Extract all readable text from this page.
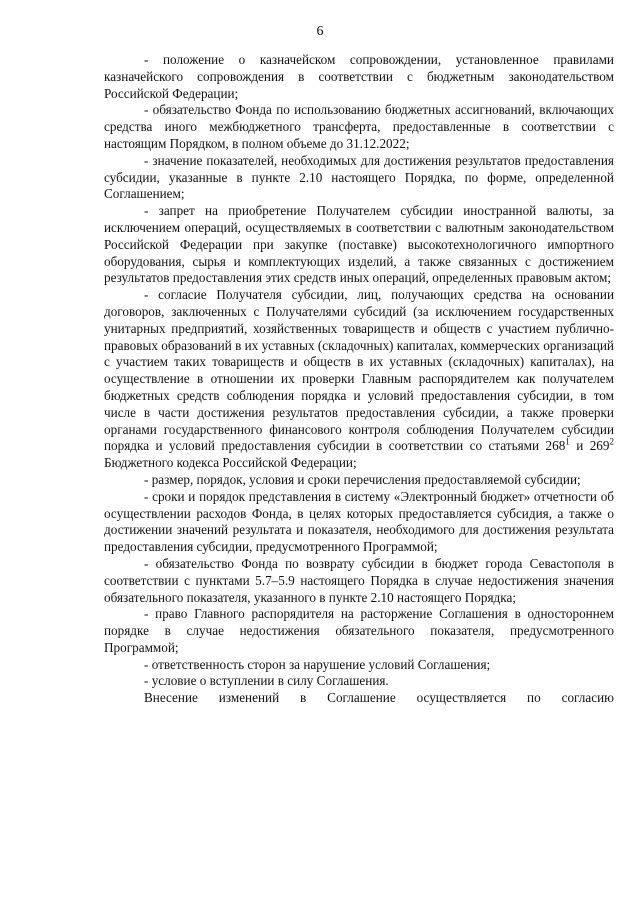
6

- положение о казначейском сопровождении, установленное правилами казначейского сопровождения в соответствии с бюджетным законодательством Российской Федерации;

- обязательство Фонда по использованию бюджетных ассигнований, включающих средства иного межбюджетного трансферта, предоставленные в соответствии с настоящим Порядком, в полном объеме до 31.12.2022;

- значение показателей, необходимых для достижения результатов предоставления субсидии, указанные в пункте 2.10 настоящего Порядка, по форме, определенной Соглашением;

- запрет на приобретение Получателем субсидии иностранной валюты, за исключением операций, осуществляемых в соответствии с валютным законодательством Российской Федерации при закупке (поставке) высокотехнологичного импортного оборудования, сырья и комплектующих изделий, а также связанных с достижением результатов предоставления этих средств иных операций, определенных правовым актом;

- согласие Получателя субсидии, лиц, получающих средства на основании договоров, заключенных с Получателями субсидий (за исключением государственных унитарных предприятий, хозяйственных товариществ и обществ с участием публично-правовых образований в их уставных (складочных) капиталах, коммерческих организаций с участием таких товариществ и обществ в их уставных (складочных) капиталах), на осуществление в отношении их проверки Главным распорядителем как получателем бюджетных средств соблюдения порядка и условий предоставления субсидии, в том числе в части достижения результатов предоставления субсидии, а также проверки органами государственного финансового контроля соблюдения Получателем субсидии порядка и условий предоставления субсидии в соответствии со статьями $268^1$ и $269^2$ Бюджетного кодекса Российской Федерации;

- размер, порядок, условия и сроки перечисления предоставляемой субсидии;

- сроки и порядок представления в систему «Электронный бюджет» отчетности об осуществлении расходов Фонда, в целях которых предоставляется субсидия, а также о достижении значений результата и показателя, необходимого для достижения результата предоставления субсидии, предусмотренного Программой;

- обязательство Фонда по возврату субсидии в бюджет города Севастополя в соответствии с пунктами 5.7–5.9 настоящего Порядка в случае недостижения значения обязательного показателя, указанного в пункте 2.10 настоящего Порядка;

- право Главного распорядителя на расторжение Соглашения в одностороннем порядке в случае недостижения обязательного показателя, предусмотренного Программой;

- ответственность сторон за нарушение условий Соглашения;

- условие о вступлении в силу Соглашения.

Внесение изменений в Соглашение осуществляется по согласию
